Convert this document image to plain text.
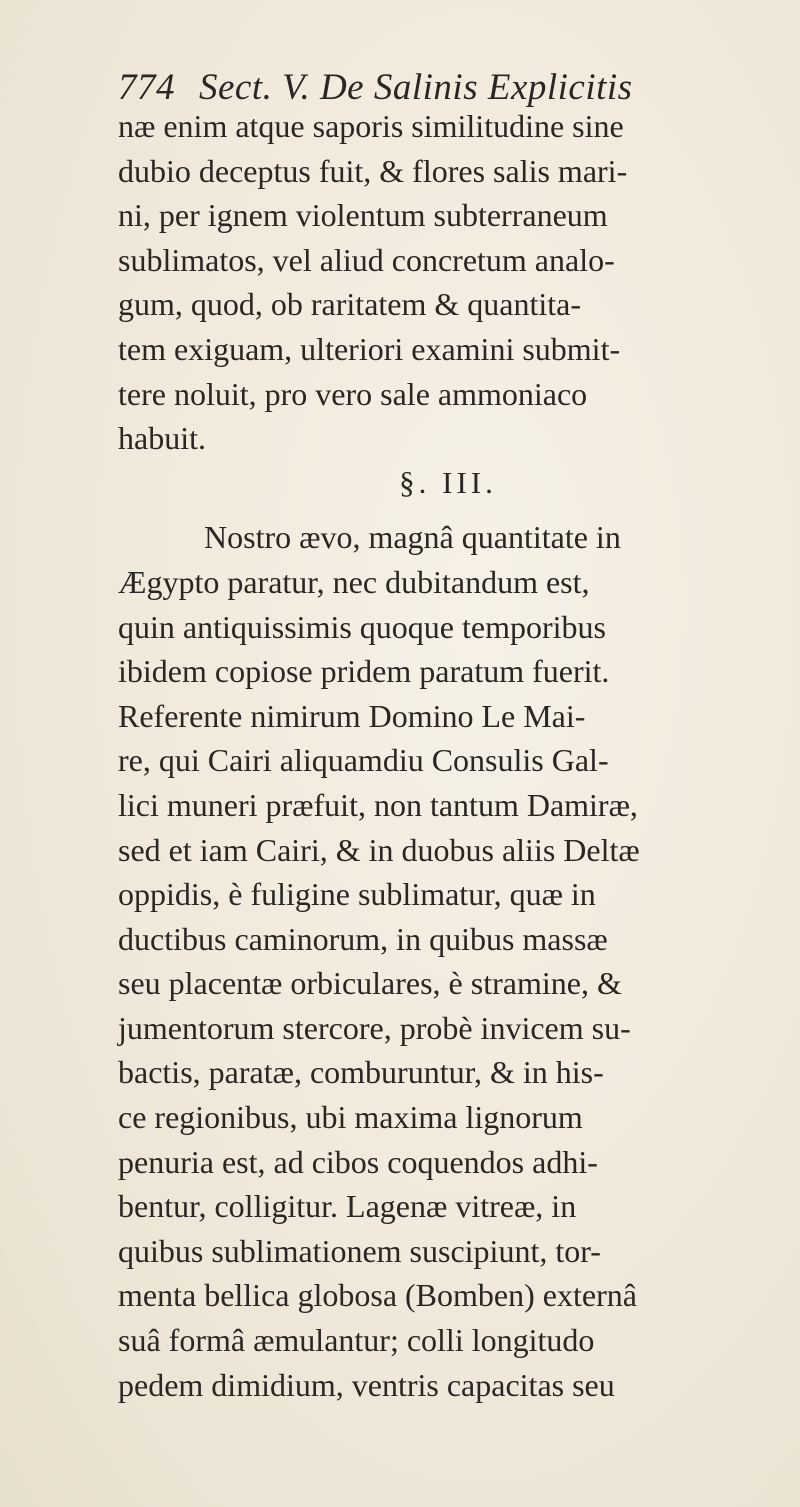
774 Sect. V. De Salinis Explicitis
næ enim atque saporis similitudine sine
dubio deceptus fuit, & flores salis mari-
ni, per ignem violentum subterraneum
sublimatos, vel aliud concretum analo-
gum, quod, ob raritatem & quantita-
tem exiguam, ulteriori examini submit-
tere noluit, pro vero sale ammoniaco
habuit.
§. III.
Nostro ævo, magnâ quantitate in
Ægypto paratur, nec dubitandum est,
quin antiquissimis quoque temporibus
ibidem copiose pridem paratum fuerit.
Referente nimirum Domino Le Mai-
re, qui Cairi aliquamdiu Consulis Gal-
lici muneri præfuit, non tantum Damiræ,
sed et iam Cairi, & in duobus aliis Deltæ
oppidis, è fuligine sublimatur, quæ in
ductibus caminorum, in quibus massæ
seu placentæ orbiculares, è stramine, &
jumentorum stercore, probè invicem su-
bactis, paratæ, comburuntur, & in his-
ce regionibus, ubi maxima lignorum
penuria est, ad cibos coquendos adhi-
bentur, colligitur. Lagenæ vitreæ, in
quibus sublimationem suscipiunt, tor-
menta bellica globosa (Bomben) externâ
suâ formâ æmulantur; colli longitudo
pedem dimidium, ventris capacitas seu
